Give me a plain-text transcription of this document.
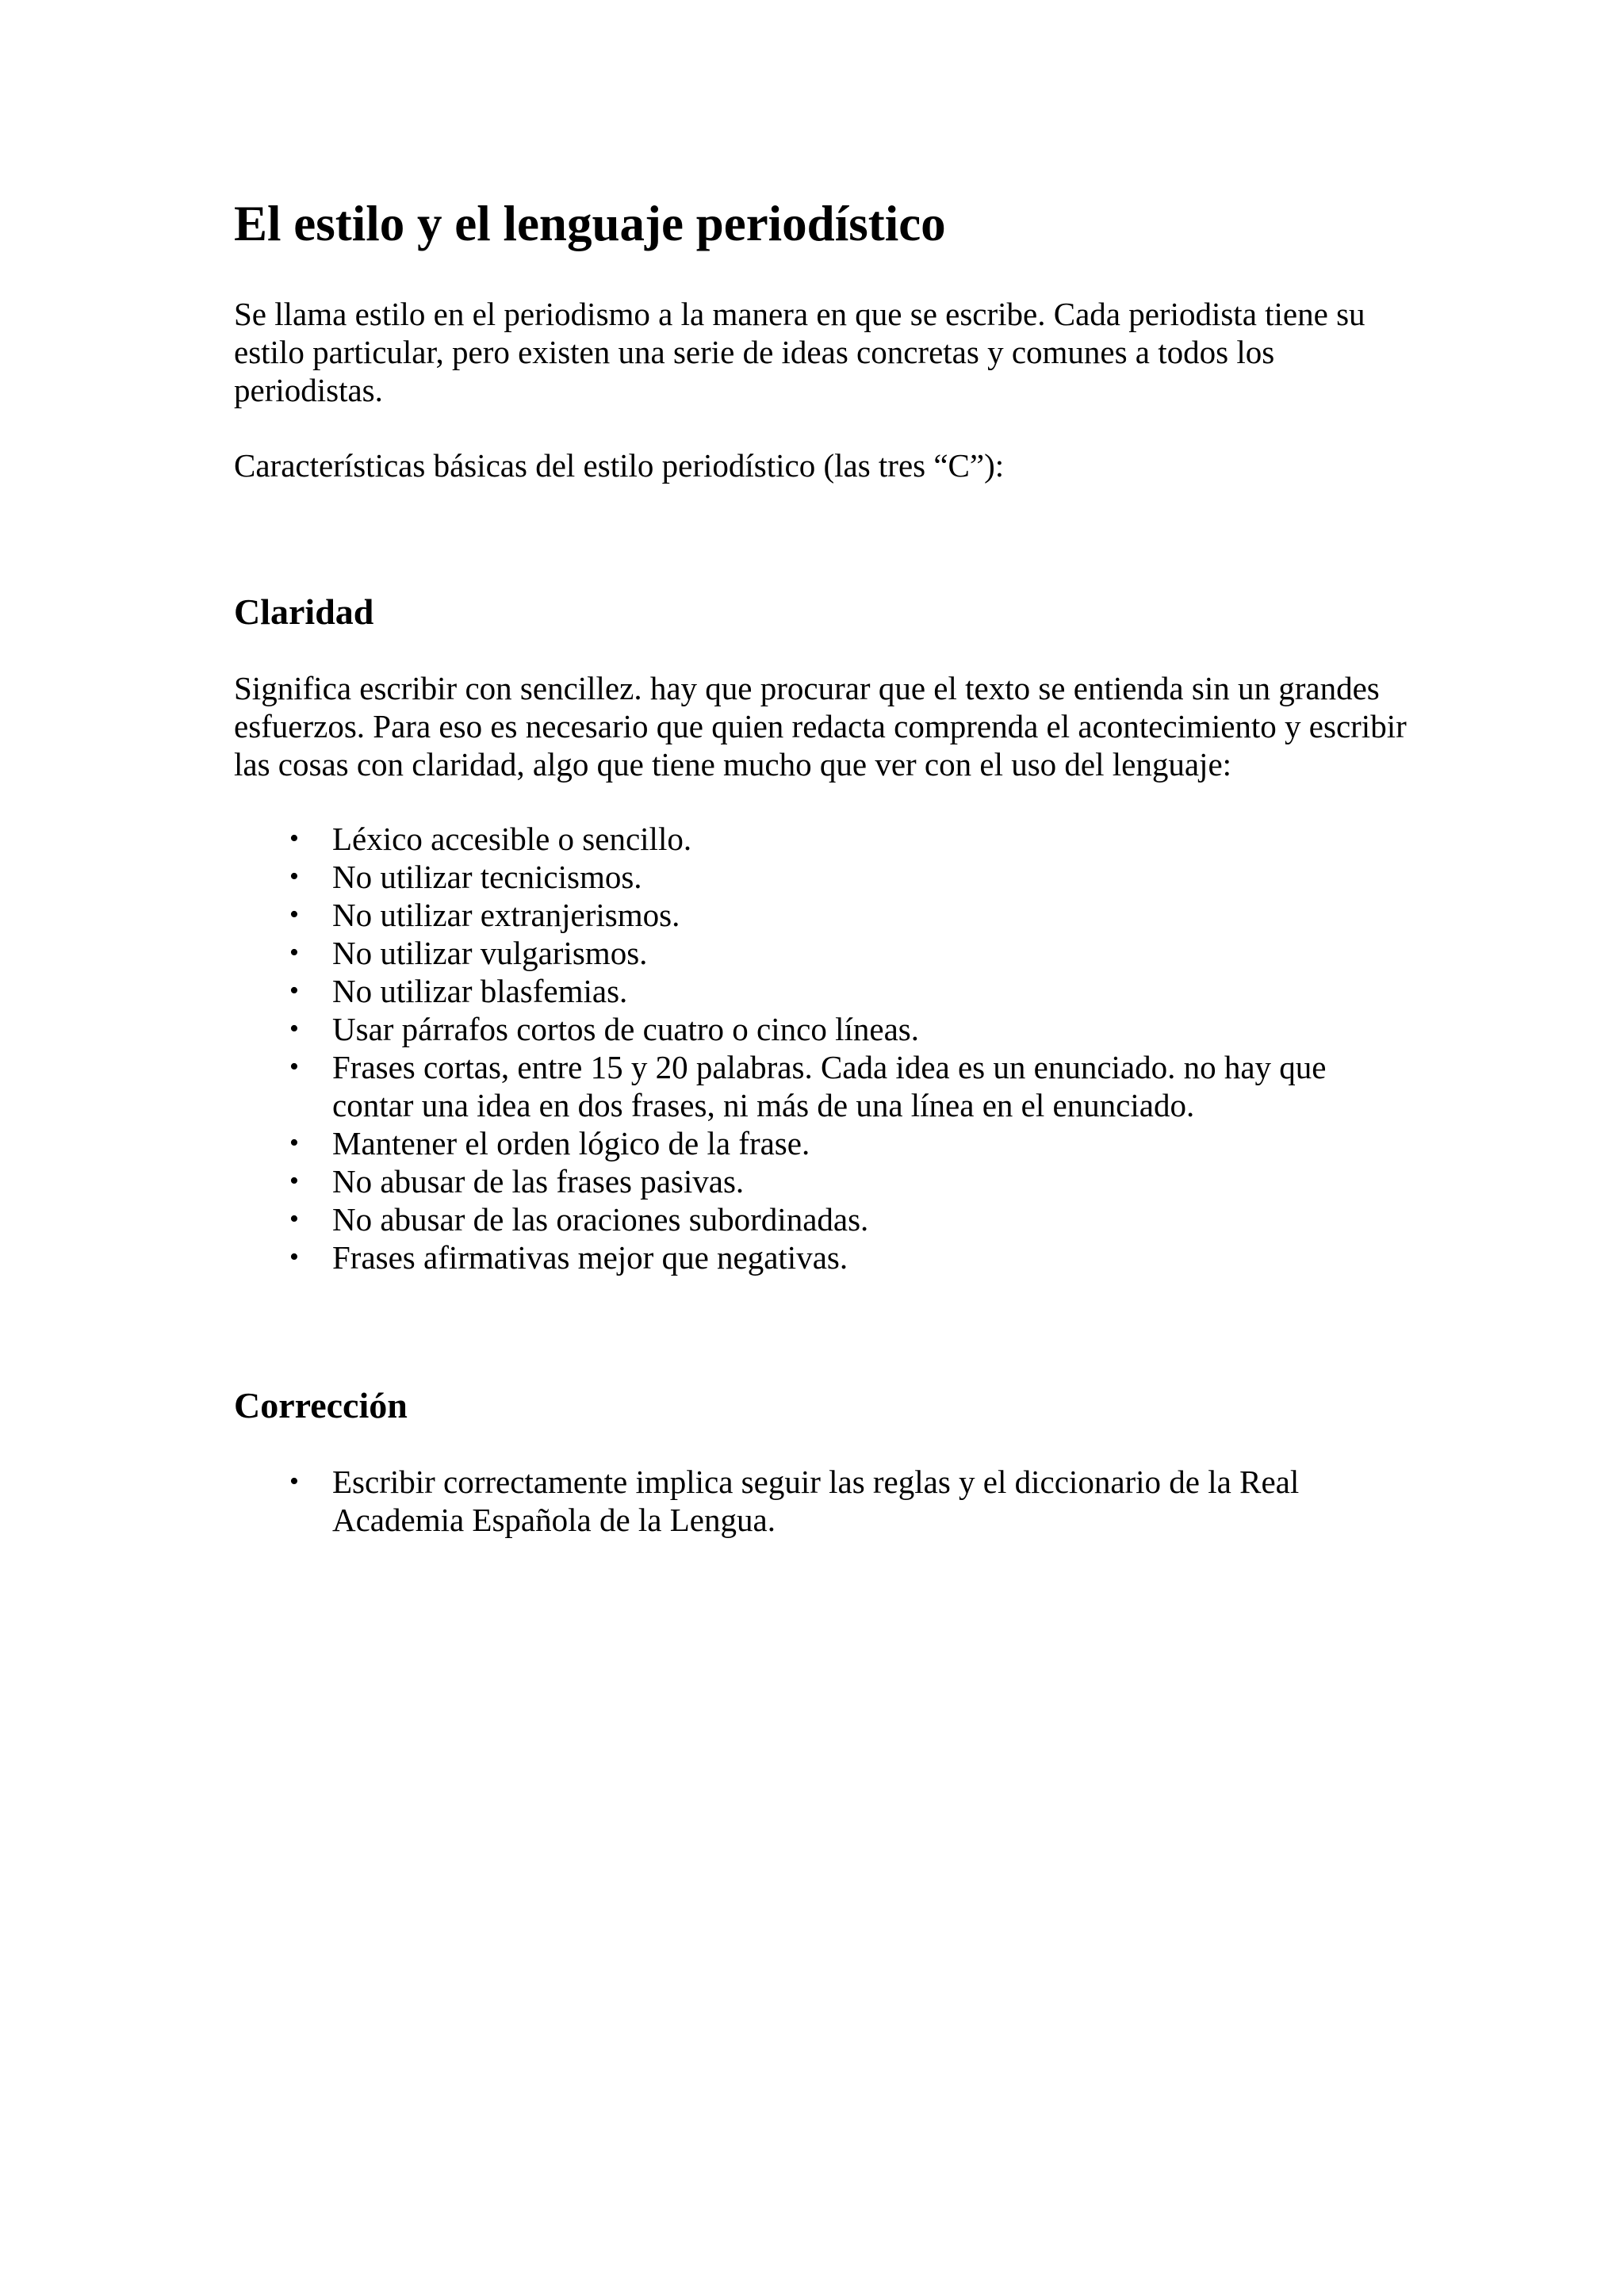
El estilo y el lenguaje periodístico

Se llama estilo en el periodismo a la manera en que se escribe. Cada periodista tiene su estilo particular, pero existen una serie de ideas concretas y comunes a todos los periodistas.

Características básicas del estilo periodístico (las tres “C”):

Claridad

Significa escribir con sencillez. hay que procurar que el texto se entienda sin un grandes esfuerzos. Para eso es necesario que quien redacta comprenda el acontecimiento y escribir las cosas con claridad, algo que tiene mucho que ver con el uso del lenguaje:

• Léxico accesible o sencillo.
• No utilizar tecnicismos.
• No utilizar extranjerismos.
• No utilizar vulgarismos.
• No utilizar blasfemias.
• Usar párrafos cortos de cuatro o cinco líneas.
• Frases cortas, entre 15 y 20 palabras. Cada idea es un enunciado. no hay que contar una idea en dos frases, ni más de una línea en el enunciado.
• Mantener el orden lógico de la frase.
• No abusar de las frases pasivas.
• No abusar de las oraciones subordinadas.
• Frases afirmativas mejor que negativas.
Corrección
• Escribir correctamente implica seguir las reglas y el diccionario de la Real Academia Española de la Lengua.
